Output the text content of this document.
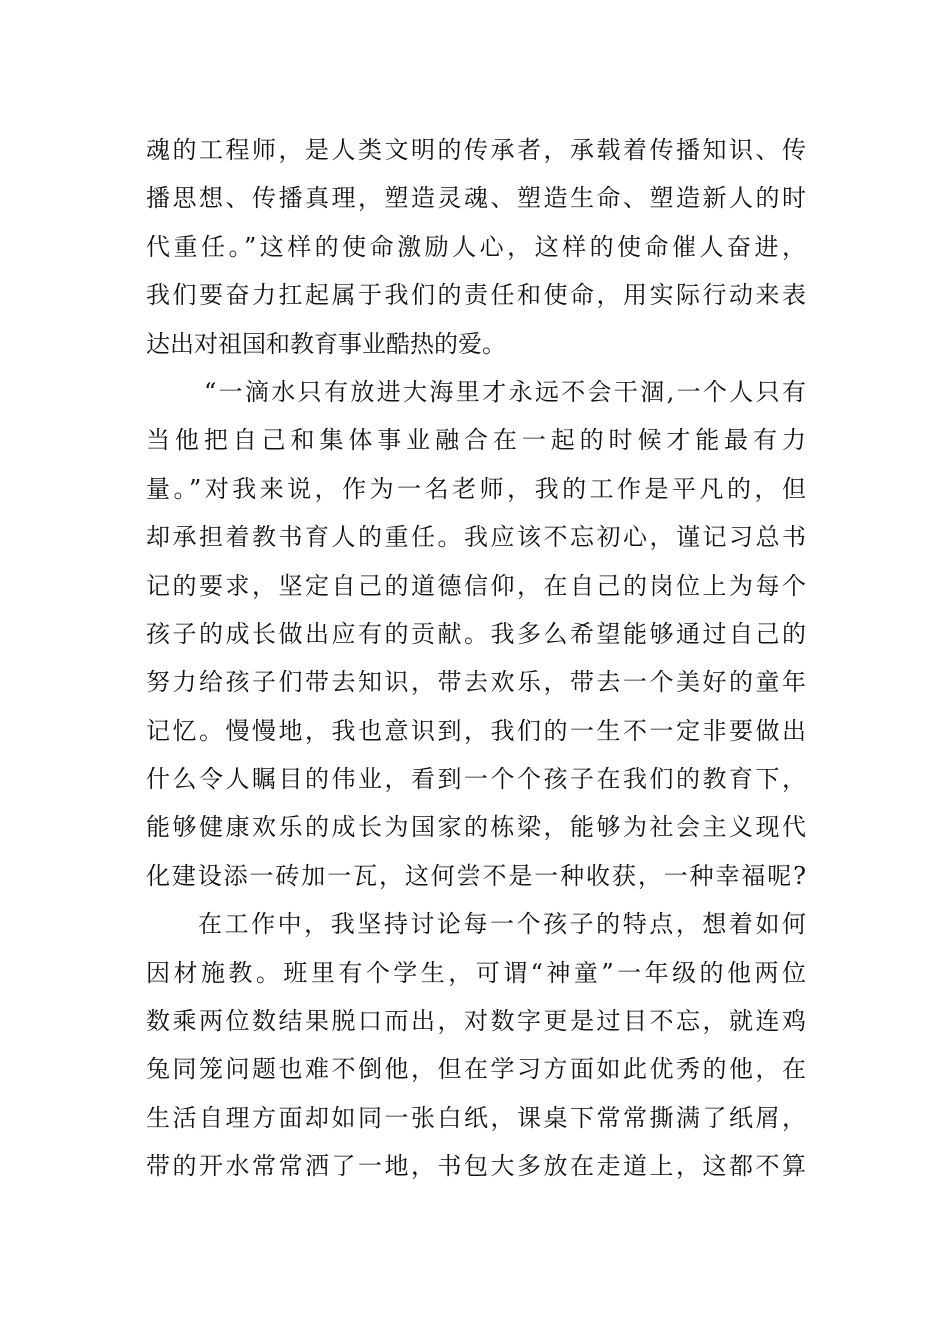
魂的工程师，是人类文明的传承者，承载着传播知识、传
播思想、传播真理，塑造灵魂、塑造生命、塑造新人的时
代重任。”这样的使命激励人心，这样的使命催人奋进，
我们要奋力扛起属于我们的责任和使命，用实际行动来表
达出对祖国和教育事业酷热的爱。
“一滴水只有放进大海里才永远不会干涸,一个人只有
当他把自己和集体事业融合在一起的时候才能最有力
量。”对我来说，作为一名老师，我的工作是平凡的，但
却承担着教书育人的重任。我应该不忘初心，谨记习总书
记的要求，坚定自己的道德信仰，在自己的岗位上为每个
孩子的成长做出应有的贡献。我多么希望能够通过自己的
努力给孩子们带去知识，带去欢乐，带去一个美好的童年
记忆。慢慢地，我也意识到，我们的一生不一定非要做出
什么令人瞩目的伟业，看到一个个孩子在我们的教育下，
能够健康欢乐的成长为国家的栋梁，能够为社会主义现代
化建设添一砖加一瓦，这何尝不是一种收获，一种幸福呢?
在工作中，我坚持讨论每一个孩子的特点，想着如何
因材施教。班里有个学生，可谓“神童”一年级的他两位
数乘两位数结果脱口而出，对数字更是过目不忘，就连鸡
兔同笼问题也难不倒他，但在学习方面如此优秀的他，在
生活自理方面却如同一张白纸，课桌下常常撕满了纸屑，
带的开水常常洒了一地，书包大多放在走道上，这都不算
